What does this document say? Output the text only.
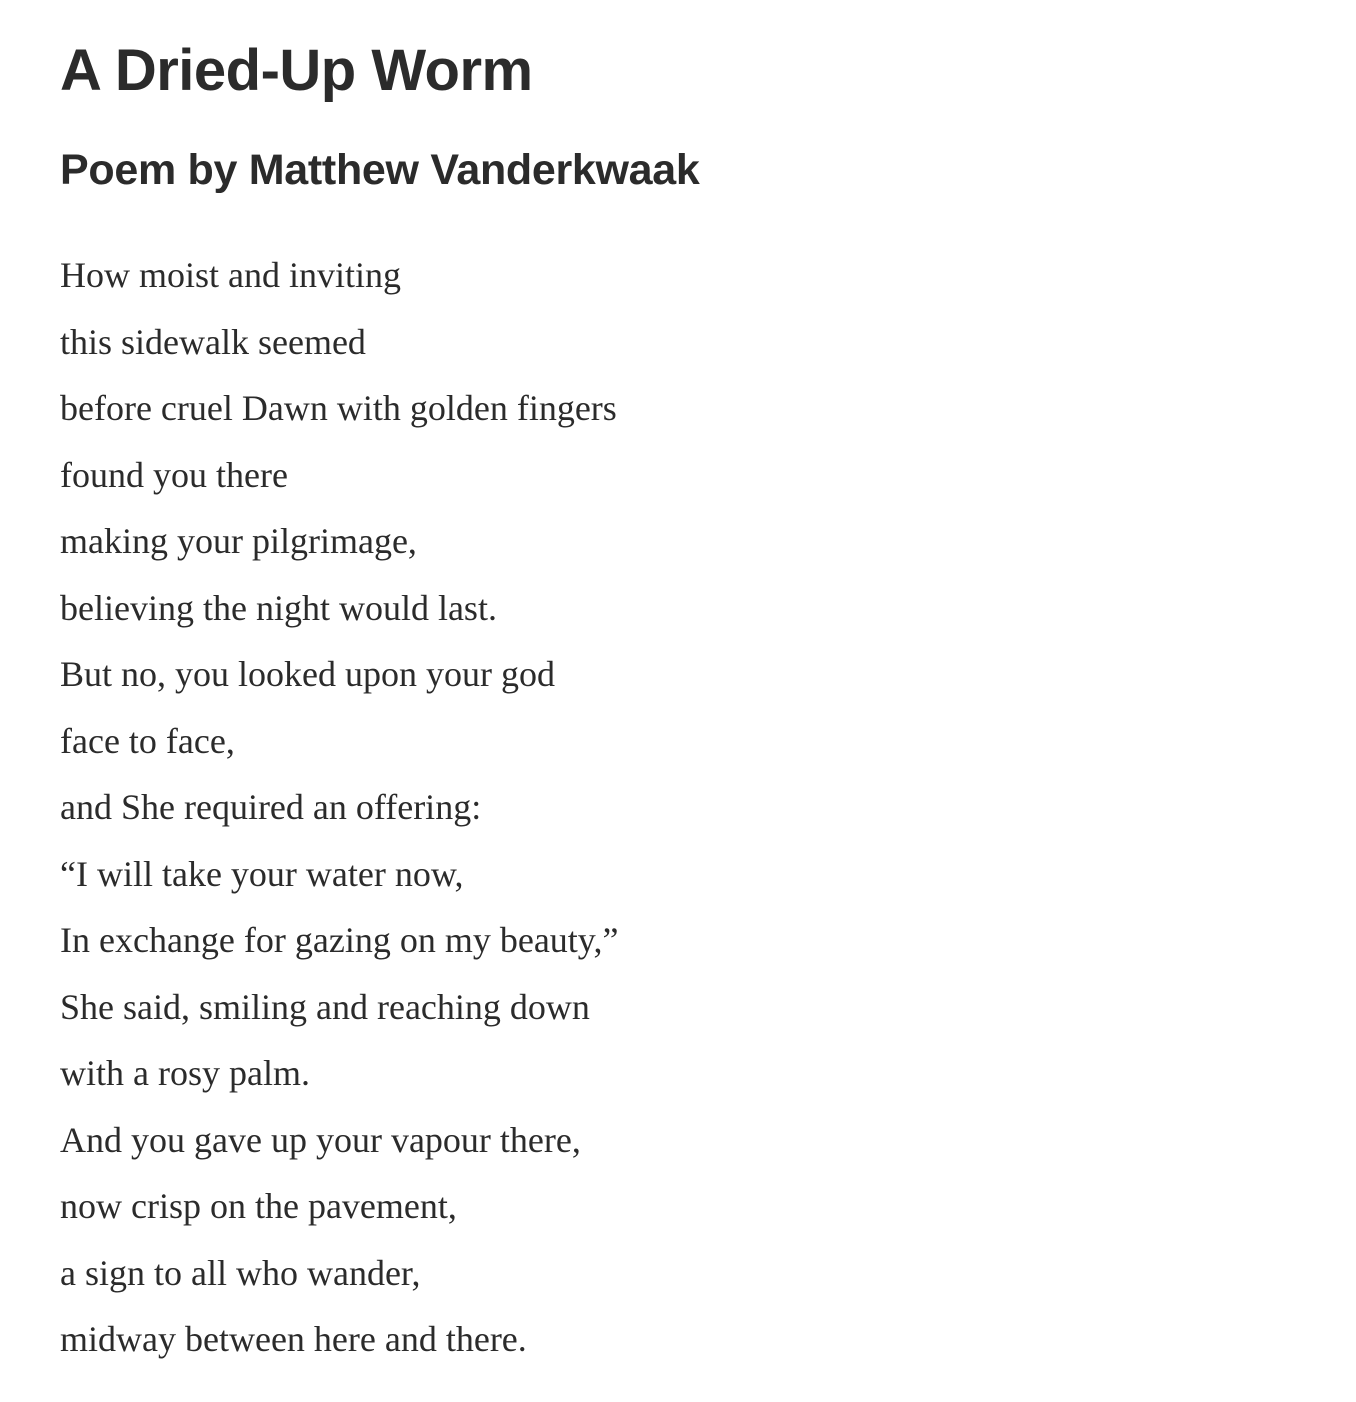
A Dried-Up Worm
Poem by Matthew Vanderkwaak
How moist and inviting
this sidewalk seemed
before cruel Dawn with golden fingers
found you there
making your pilgrimage,
believing the night would last.
But no, you looked upon your god
face to face,
and She required an offering:
“I will take your water now,
In exchange for gazing on my beauty,”
She said, smiling and reaching down
with a rosy palm.
And you gave up your vapour there,
now crisp on the pavement,
a sign to all who wander,
midway between here and there.
